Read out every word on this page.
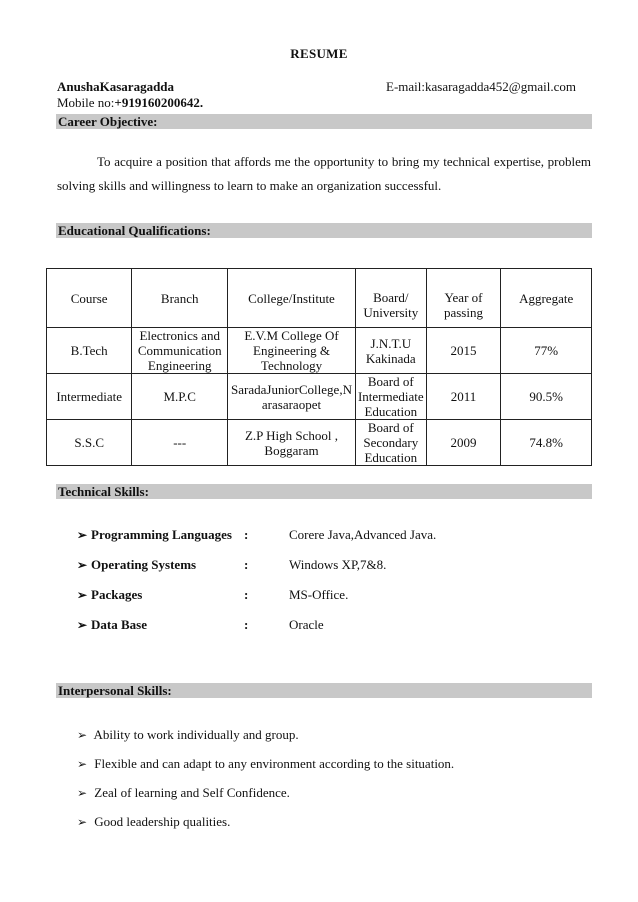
RESUME
AnushaKasaragadda	E-mail:kasaragadda452@gmail.com
Mobile no:+919160200642.
Career Objective:
To acquire a position that affords me the opportunity to bring my technical expertise, problem solving skills and willingness to learn to make an organization successful.
Educational Qualifications:
Course	Branch	College/Institute	Board/ University	Year of passing	Aggregate
B.Tech	Electronics and Communication Engineering	E.V.M College Of Engineering & Technology	J.N.T.U Kakinada	2015	77%
Intermediate	M.P.C	SaradaJuniorCollege,N arasaraopet	Board of Intermediate Education	2011	90.5%
S.S.C	---	Z.P High School , Boggaram	Board of Secondary Education	2009	74.8%
Technical Skills:
➢ Programming Languages :	Corere Java,Advanced Java.
➢ Operating Systems	:	Windows XP,7&8.
➢ Packages	:	MS-Office.
➢ Data Base	:	Oracle
Interpersonal Skills:
➢ Ability to work individually and group.
➢ Flexible and can adapt to any environment according to the situation.
➢ Zeal of learning and Self Confidence.
➢ Good leadership qualities.
